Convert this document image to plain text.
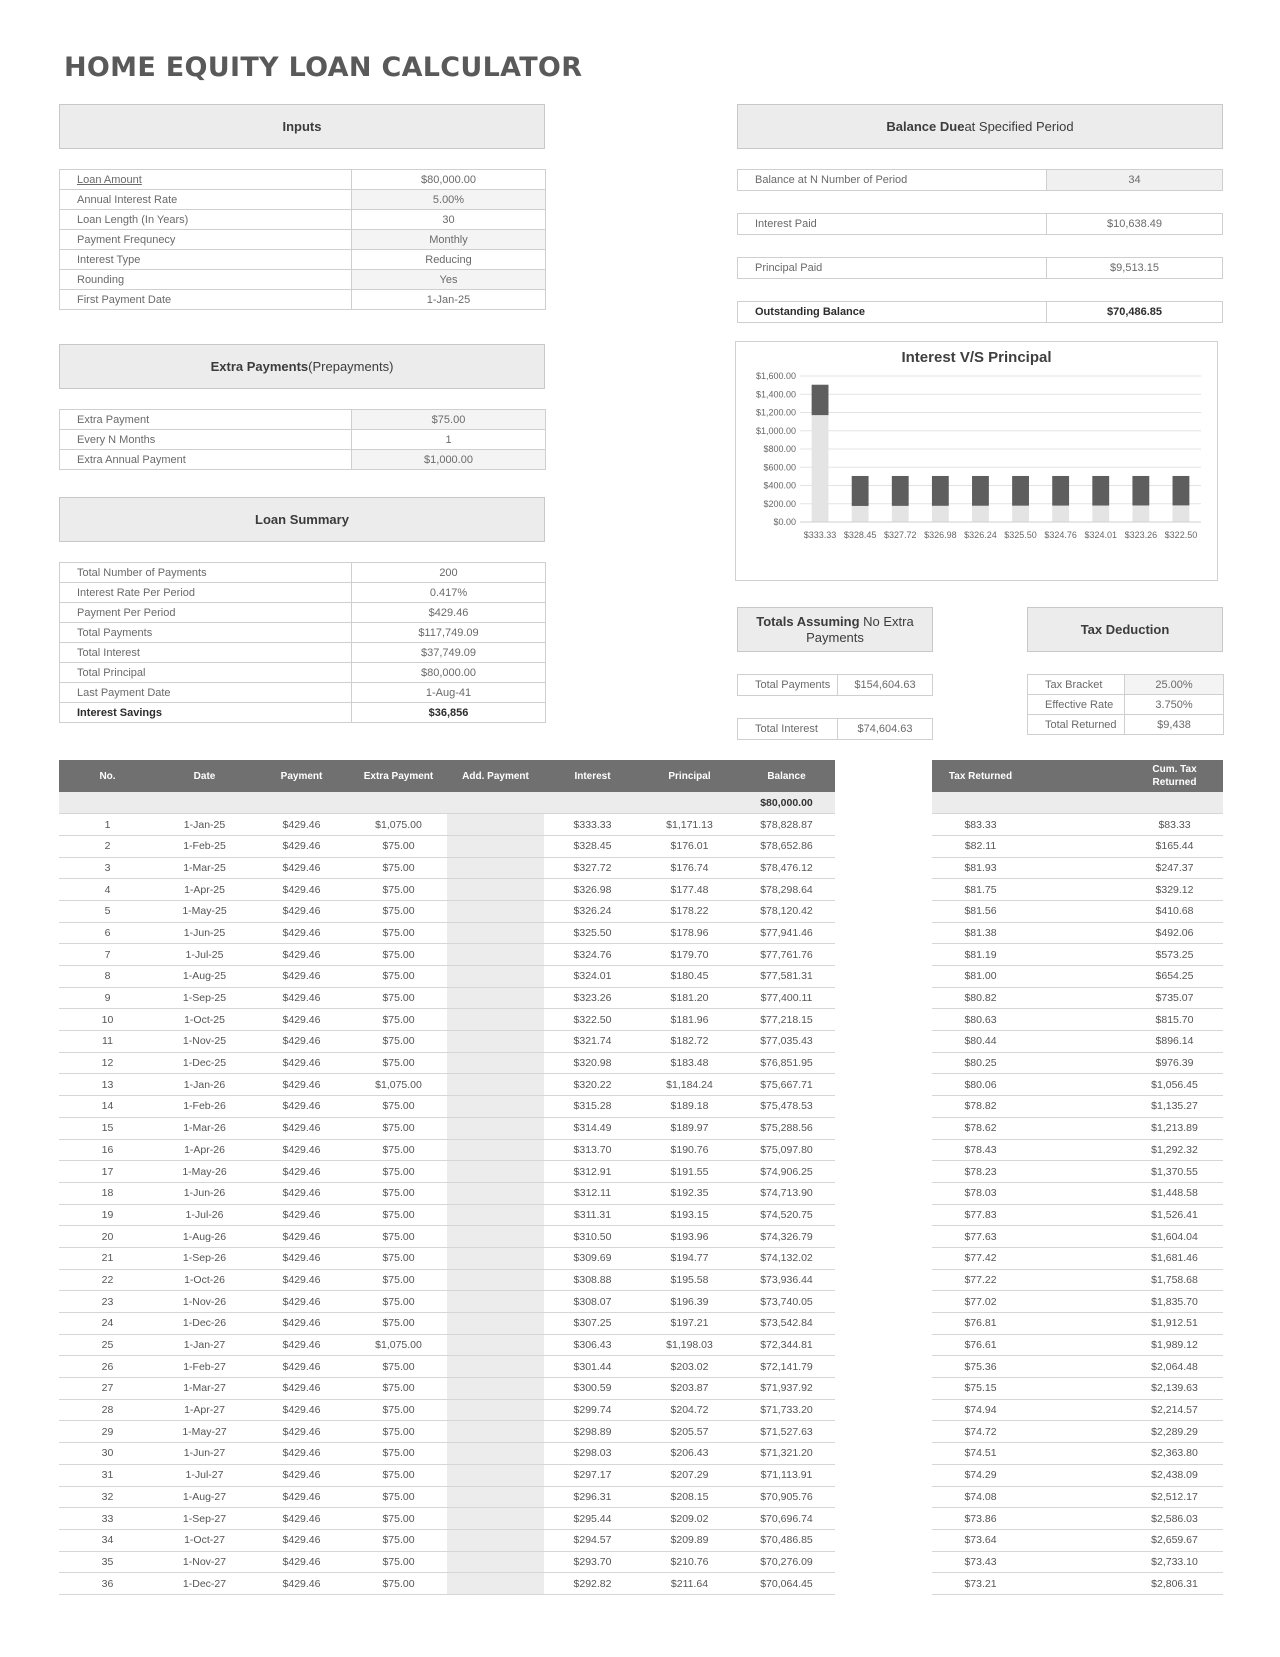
HOME EQUITY LOAN CALCULATOR
Inputs
Loan Amount	$80,000.00
Annual Interest Rate	5.00%
Loan Length (In Years)	30
Payment Frequnecy	Monthly
Interest Type	Reducing
Rounding	Yes
First Payment Date	1-Jan-25
Extra Payments (Prepayments)
Extra Payment	$75.00
Every N Months	1
Extra Annual Payment	$1,000.00
Loan Summary
Total Number of Payments	200
Interest Rate Per Period	0.417%
Payment Per Period	$429.46
Total Payments	$117,749.09
Total Interest	$37,749.09
Total Principal	$80,000.00
Last Payment Date	1-Aug-41
Interest Savings	$36,856
Balance Due at Specified Period
Balance at N Number of Period	34
Interest Paid	$10,638.49
Principal Paid	$9,513.15
Outstanding Balance	$70,486.85
Interest V/S Principal
$0.00
$200.00
$400.00
$600.00
$800.00
$1,000.00
$1,200.00
$1,400.00
$1,600.00
$333.33 $328.45 $327.72 $326.98 $326.24 $325.50 $324.76 $324.01 $323.26 $322.50
Totals Assuming No Extra Payments
Total Payments	$154,604.63
Total Interest	$74,604.63
Tax Deduction
Tax Bracket	25.00%
Effective Rate	3.750%
Total Returned	$9,438
No.	Date	Payment	Extra Payment	Add. Payment	Interest	Principal	Balance
							$80,000.00
1	1-Jan-25	$429.46	$1,075.00		$333.33	$1,171.13	$78,828.87
2	1-Feb-25	$429.46	$75.00		$328.45	$176.01	$78,652.86
3	1-Mar-25	$429.46	$75.00		$327.72	$176.74	$78,476.12
4	1-Apr-25	$429.46	$75.00		$326.98	$177.48	$78,298.64
5	1-May-25	$429.46	$75.00		$326.24	$178.22	$78,120.42
6	1-Jun-25	$429.46	$75.00		$325.50	$178.96	$77,941.46
7	1-Jul-25	$429.46	$75.00		$324.76	$179.70	$77,761.76
8	1-Aug-25	$429.46	$75.00		$324.01	$180.45	$77,581.31
9	1-Sep-25	$429.46	$75.00		$323.26	$181.20	$77,400.11
10	1-Oct-25	$429.46	$75.00		$322.50	$181.96	$77,218.15
11	1-Nov-25	$429.46	$75.00		$321.74	$182.72	$77,035.43
12	1-Dec-25	$429.46	$75.00		$320.98	$183.48	$76,851.95
13	1-Jan-26	$429.46	$1,075.00		$320.22	$1,184.24	$75,667.71
14	1-Feb-26	$429.46	$75.00		$315.28	$189.18	$75,478.53
15	1-Mar-26	$429.46	$75.00		$314.49	$189.97	$75,288.56
16	1-Apr-26	$429.46	$75.00		$313.70	$190.76	$75,097.80
17	1-May-26	$429.46	$75.00		$312.91	$191.55	$74,906.25
18	1-Jun-26	$429.46	$75.00		$312.11	$192.35	$74,713.90
19	1-Jul-26	$429.46	$75.00		$311.31	$193.15	$74,520.75
20	1-Aug-26	$429.46	$75.00		$310.50	$193.96	$74,326.79
21	1-Sep-26	$429.46	$75.00		$309.69	$194.77	$74,132.02
22	1-Oct-26	$429.46	$75.00		$308.88	$195.58	$73,936.44
23	1-Nov-26	$429.46	$75.00		$308.07	$196.39	$73,740.05
24	1-Dec-26	$429.46	$75.00		$307.25	$197.21	$73,542.84
25	1-Jan-27	$429.46	$1,075.00		$306.43	$1,198.03	$72,344.81
26	1-Feb-27	$429.46	$75.00		$301.44	$203.02	$72,141.79
27	1-Mar-27	$429.46	$75.00		$300.59	$203.87	$71,937.92
28	1-Apr-27	$429.46	$75.00		$299.74	$204.72	$71,733.20
29	1-May-27	$429.46	$75.00		$298.89	$205.57	$71,527.63
30	1-Jun-27	$429.46	$75.00		$298.03	$206.43	$71,321.20
31	1-Jul-27	$429.46	$75.00		$297.17	$207.29	$71,113.91
32	1-Aug-27	$429.46	$75.00		$296.31	$208.15	$70,905.76
33	1-Sep-27	$429.46	$75.00		$295.44	$209.02	$70,696.74
34	1-Oct-27	$429.46	$75.00		$294.57	$209.89	$70,486.85
35	1-Nov-27	$429.46	$75.00		$293.70	$210.76	$70,276.09
36	1-Dec-27	$429.46	$75.00		$292.82	$211.64	$70,064.45
Tax Returned		Cum. Tax Returned

$83.33		$83.33
$82.11		$165.44
$81.93		$247.37
$81.75		$329.12
$81.56		$410.68
$81.38		$492.06
$81.19		$573.25
$81.00		$654.25
$80.82		$735.07
$80.63		$815.70
$80.44		$896.14
$80.25		$976.39
$80.06		$1,056.45
$78.82		$1,135.27
$78.62		$1,213.89
$78.43		$1,292.32
$78.23		$1,370.55
$78.03		$1,448.58
$77.83		$1,526.41
$77.63		$1,604.04
$77.42		$1,681.46
$77.22		$1,758.68
$77.02		$1,835.70
$76.81		$1,912.51
$76.61		$1,989.12
$75.36		$2,064.48
$75.15		$2,139.63
$74.94		$2,214.57
$74.72		$2,289.29
$74.51		$2,363.80
$74.29		$2,438.09
$74.08		$2,512.17
$73.86		$2,586.03
$73.64		$2,659.67
$73.43		$2,733.10
$73.21		$2,806.31
